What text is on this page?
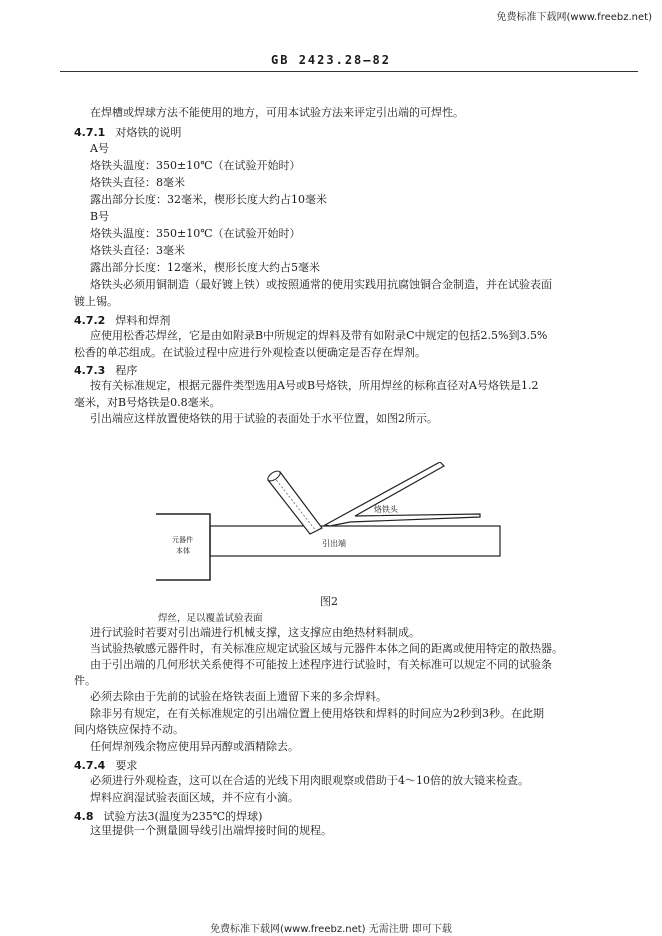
免费标准下载网(www.freebz.net)
GB 2423.28—82
在焊槽或焊球方法不能使用的地方，可用本试验方法来评定引出端的可焊性。
4.7.1 对烙铁的说明
A号
烙铁头温度：350±10℃（在试验开始时）
烙铁头直径：8毫米
露出部分长度：32毫米，楔形长度大约占10毫米
B号
烙铁头温度：350±10℃（在试验开始时）
烙铁头直径：3毫米
露出部分长度：12毫米，楔形长度大约占5毫米
烙铁头必须用铜制造（最好镀上铁）或按照通常的使用实践用抗腐蚀铜合金制造，并在试验表面
镀上锡。
4.7.2 焊料和焊剂
应使用松香芯焊丝，它是由如附录B中所规定的焊料及带有如附录C中规定的包括2.5%到3.5%
松香的单芯组成。在试验过程中应进行外观检查以便确定是否存在焊剂。
4.7.3 程序
按有关标准规定，根据元器件类型选用A号或B号烙铁，所用焊丝的标称直径对A号烙铁是1.2
毫米，对B号烙铁是0.8毫米。
引出端应这样放置使烙铁的用于试验的表面处于水平位置，如图2所示。
烙铁头
元器件
本体
引出端
图2
焊丝，足以覆盖试验表面
进行试验时若要对引出端进行机械支撑，这支撑应由绝热材料制成。
当试验热敏感元器件时，有关标准应规定试验区域与元器件本体之间的距离或使用特定的散热器。
由于引出端的几何形状关系使得不可能按上述程序进行试验时，有关标准可以规定不同的试验条
件。
必须去除由于先前的试验在烙铁表面上遗留下来的多余焊料。
除非另有规定，在有关标准规定的引出端位置上使用烙铁和焊料的时间应为2秒到3秒。在此期
间内烙铁应保持不动。
任何焊剂残余物应使用异丙醇或酒精除去。
4.7.4 要求
必须进行外观检查，这可以在合适的光线下用肉眼观察或借助于4～10倍的放大镜来检查。
焊料应润湿试验表面区域，并不应有小滴。
4.8 试验方法3(温度为235℃的焊球)
这里提供一个测量圆导线引出端焊接时间的规程。
免费标准下载网(www.freebz.net) 无需注册 即可下载
